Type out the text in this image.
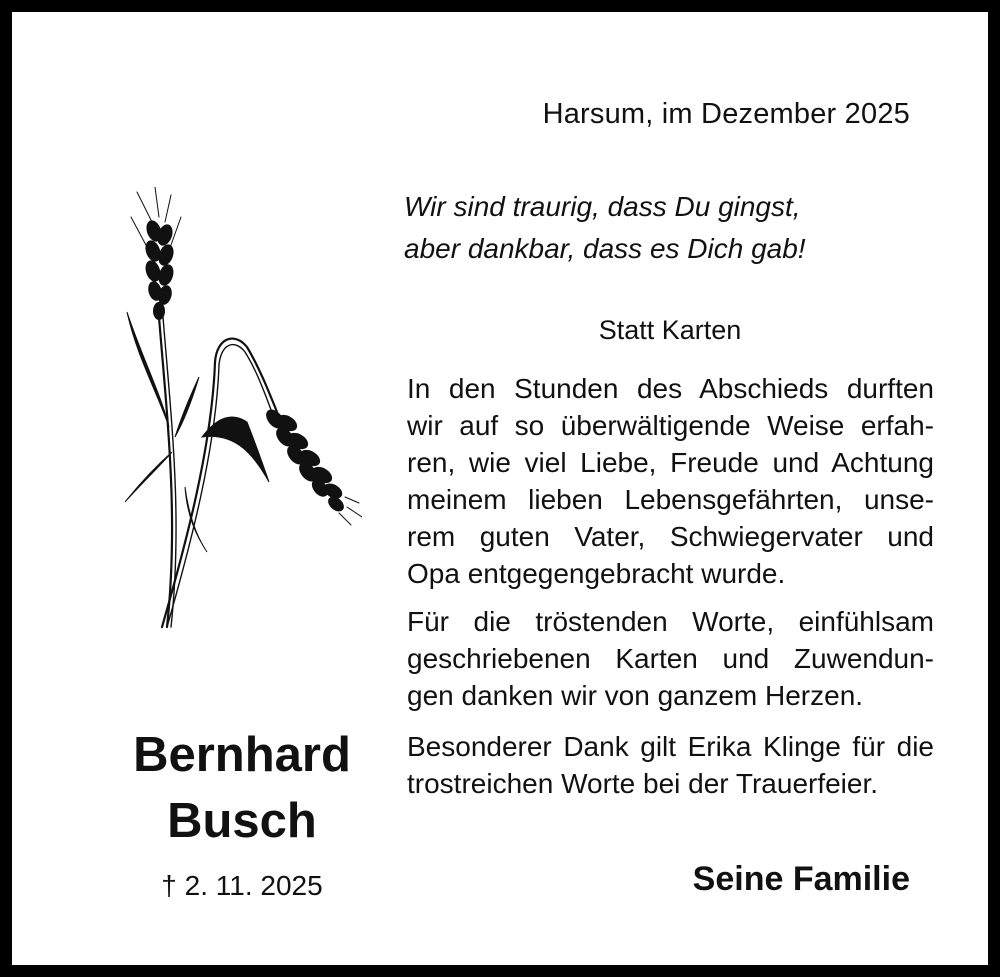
Harsum, im Dezember 2025
Wir sind traurig, dass Du gingst,
aber dankbar, dass es Dich gab!
Statt Karten
In den Stunden des Abschieds durften
wir auf so überwältigende Weise erfah-
ren, wie viel Liebe, Freude und Achtung
meinem lieben Lebensgefährten, unse-
rem guten Vater, Schwiegervater und
Opa entgegengebracht wurde.
Für die tröstenden Worte, einfühlsam
geschriebenen Karten und Zuwendun-
gen danken wir von ganzem Herzen.
Besonderer Dank gilt Erika Klinge für die
trostreichen Worte bei der Trauerfeier.
Seine Familie
Bernhard
Busch
† 2. 11. 2025
